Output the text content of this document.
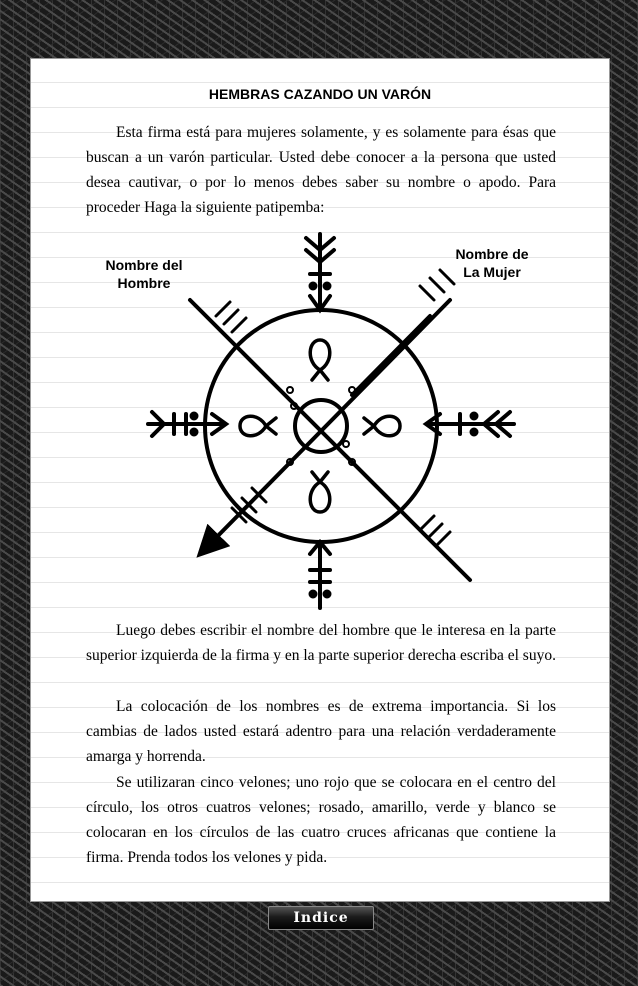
HEMBRAS CAZANDO UN VARÓN

Esta firma está para mujeres solamente, y es solamente para ésas que buscan a un varón particular. Usted debe conocer a la persona que usted desea cautivar, o por lo menos debes saber su nombre o apodo. Para proceder Haga la siguiente patipemba:

Nombre del
Hombre
Nombre de
La Mujer

Luego debes escribir el nombre del hombre que le interesa en la parte superior izquierda de la firma y en la parte superior derecha escriba el suyo.

La colocación de los nombres es de extrema importancia. Si los cambias de lados usted estará adentro para una relación verdaderamente amarga y horrenda.

Se utilizaran cinco velones; uno rojo que se colocara en el centro del círculo, los otros cuatros velones; rosado, amarillo, verde y blanco se colocaran en los círculos de las cuatro cruces africanas que contiene la firma. Prenda todos los velones y pida.

Indice
